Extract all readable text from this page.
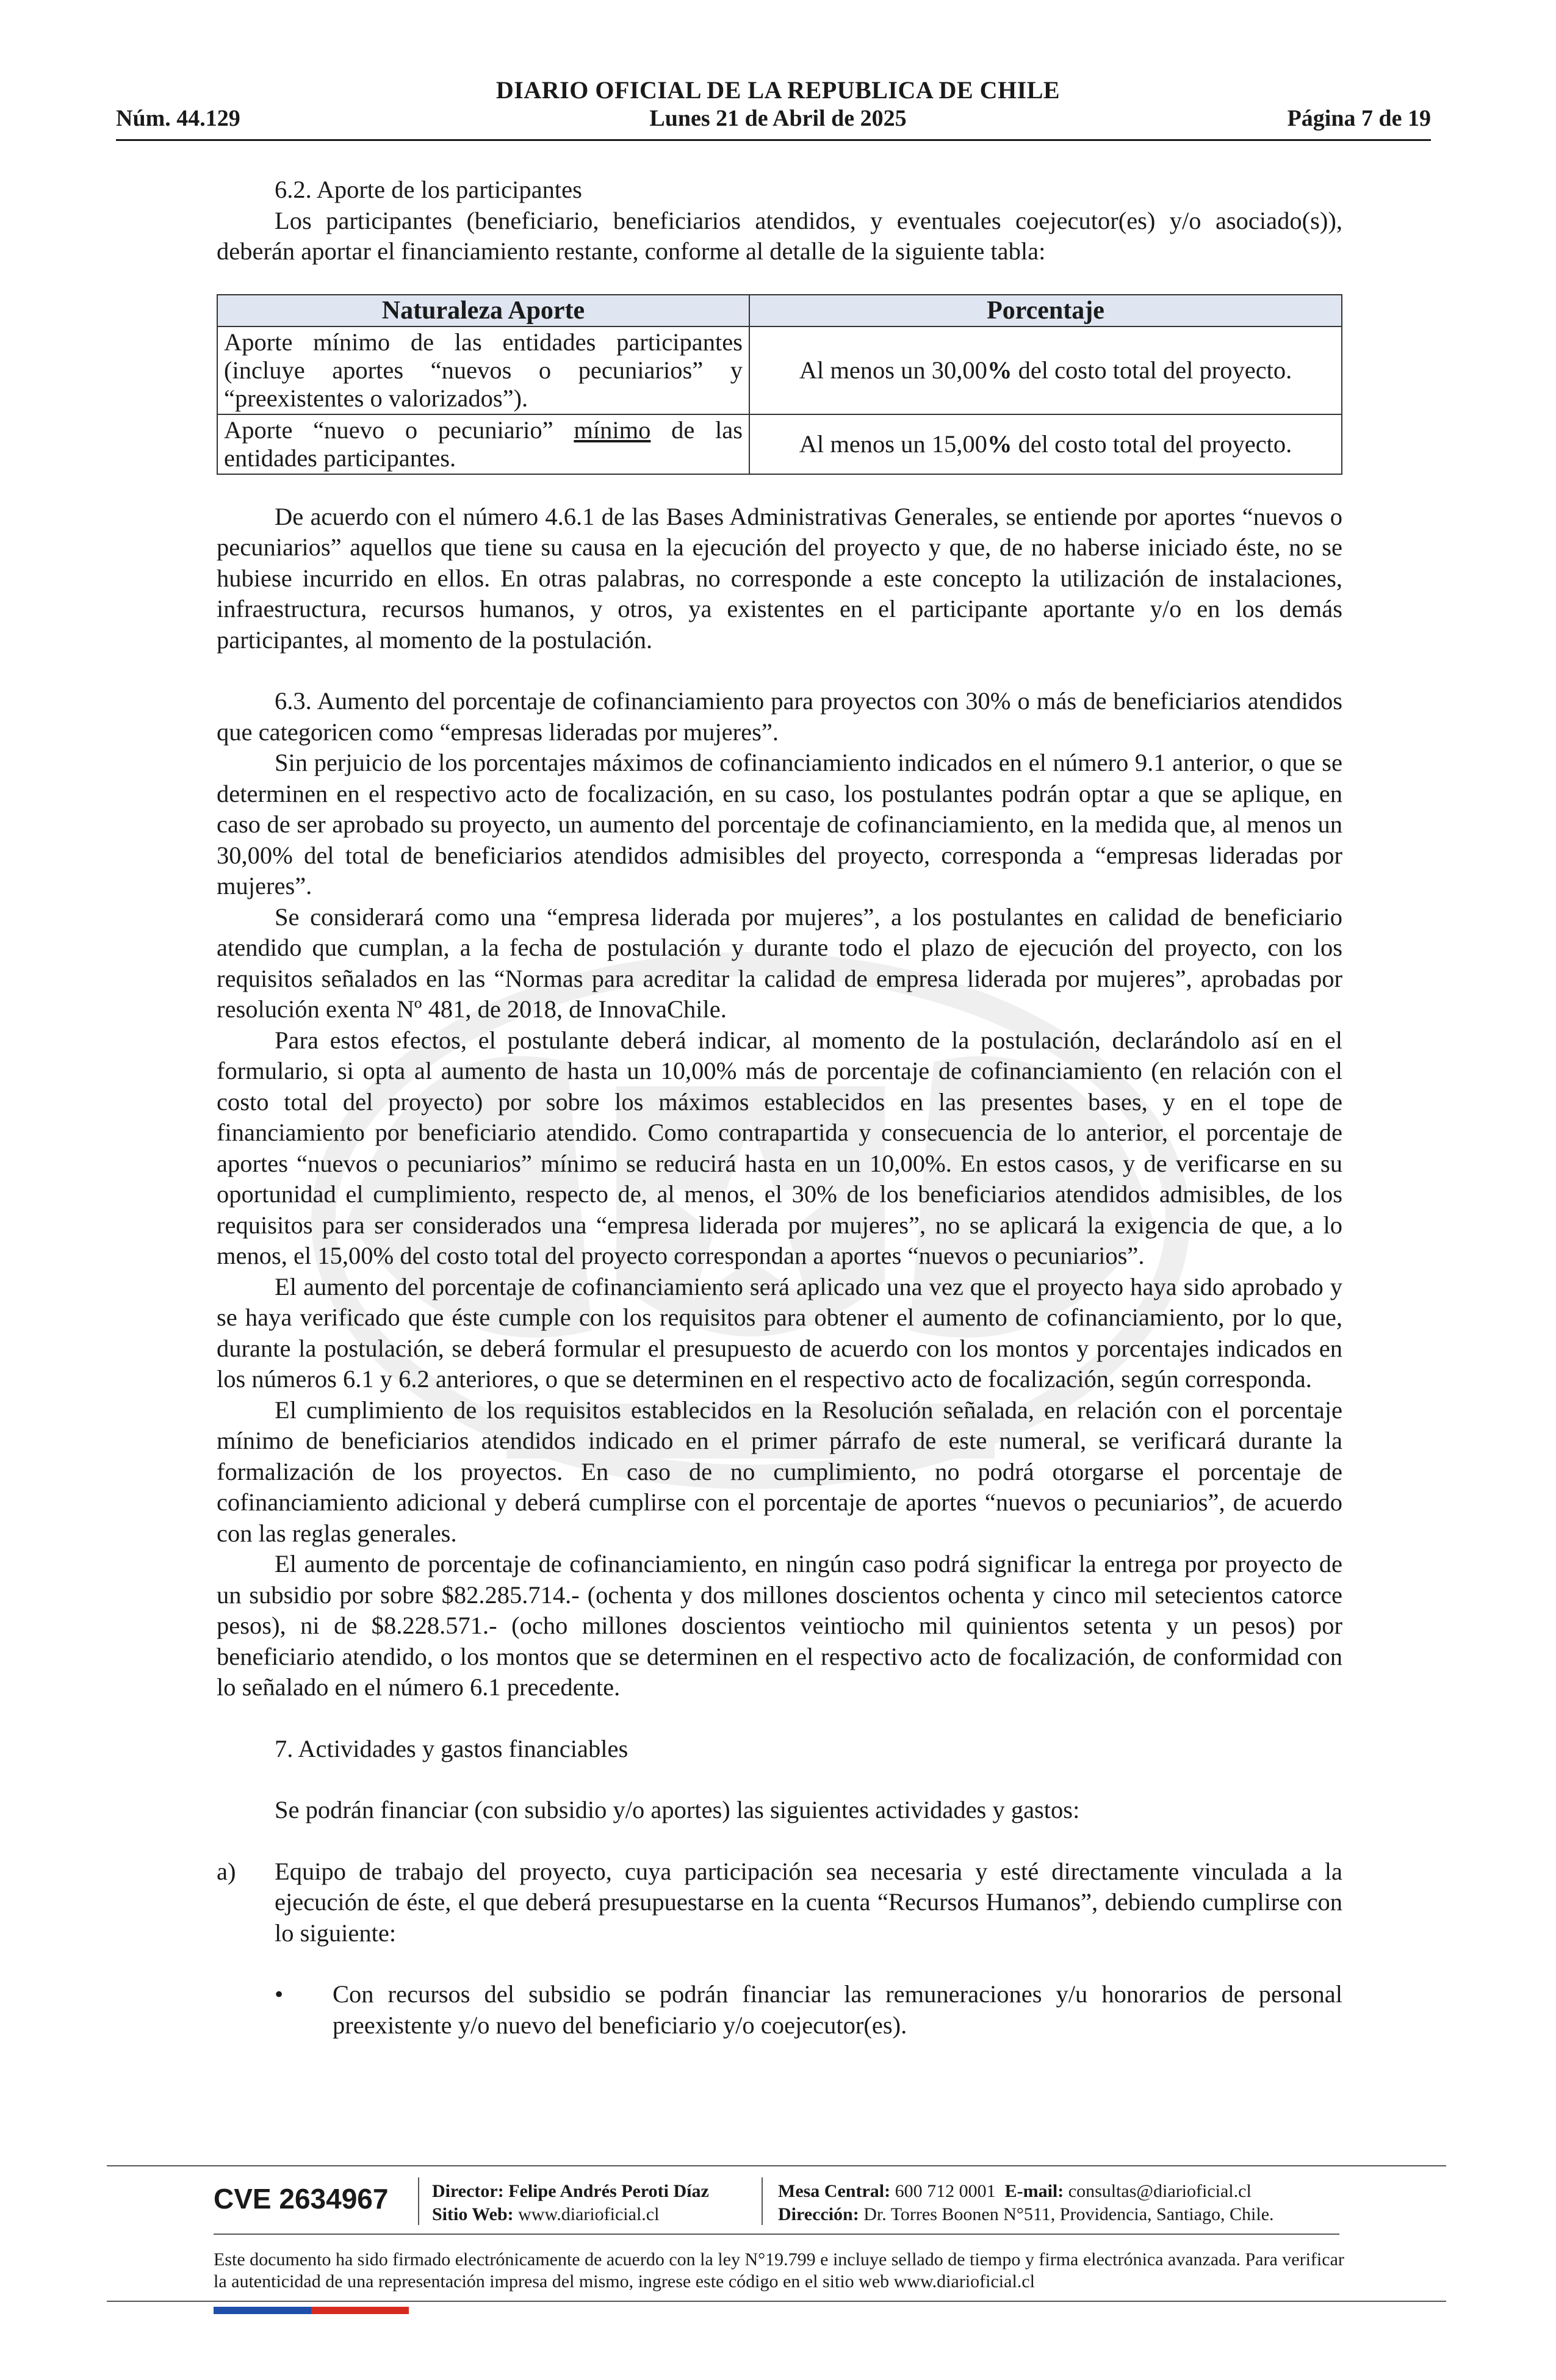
DIARIO OFICIAL DE LA REPUBLICA DE CHILE
Núm. 44.129	Lunes 21 de Abril de 2025	Página 7 de 19

6.2. Aporte de los participantes

Los participantes (beneficiario, beneficiarios atendidos, y eventuales coejecutor(es) y/o asociado(s)), deberán aportar el financiamiento restante, conforme al detalle de la siguiente tabla:

Naturaleza Aporte	Porcentaje
Aporte mínimo de las entidades participantes (incluye aportes “nuevos o pecuniarios” y “preexistentes o valorizados”).	Al menos un 30,00% del costo total del proyecto.
Aporte “nuevo o pecuniario” mínimo de las entidades participantes.	Al menos un 15,00% del costo total del proyecto.

De acuerdo con el número 4.6.1 de las Bases Administrativas Generales, se entiende por aportes “nuevos o pecuniarios” aquellos que tiene su causa en la ejecución del proyecto y que, de no haberse iniciado éste, no se hubiese incurrido en ellos. En otras palabras, no corresponde a este concepto la utilización de instalaciones, infraestructura, recursos humanos, y otros, ya existentes en el participante aportante y/o en los demás participantes, al momento de la postulación.

6.3. Aumento del porcentaje de cofinanciamiento para proyectos con 30% o más de beneficiarios atendidos que categoricen como “empresas lideradas por mujeres”.

Sin perjuicio de los porcentajes máximos de cofinanciamiento indicados en el número 9.1 anterior, o que se determinen en el respectivo acto de focalización, en su caso, los postulantes podrán optar a que se aplique, en caso de ser aprobado su proyecto, un aumento del porcentaje de cofinanciamiento, en la medida que, al menos un 30,00% del total de beneficiarios atendidos admisibles del proyecto, corresponda a “empresas lideradas por mujeres”.

Se considerará como una “empresa liderada por mujeres”, a los postulantes en calidad de beneficiario atendido que cumplan, a la fecha de postulación y durante todo el plazo de ejecución del proyecto, con los requisitos señalados en las “Normas para acreditar la calidad de empresa liderada por mujeres”, aprobadas por resolución exenta Nº 481, de 2018, de InnovaChile.

Para estos efectos, el postulante deberá indicar, al momento de la postulación, declarándolo así en el formulario, si opta al aumento de hasta un 10,00% más de porcentaje de cofinanciamiento (en relación con el costo total del proyecto) por sobre los máximos establecidos en las presentes bases, y en el tope de financiamiento por beneficiario atendido. Como contrapartida y consecuencia de lo anterior, el porcentaje de aportes “nuevos o pecuniarios” mínimo se reducirá hasta en un 10,00%. En estos casos, y de verificarse en su oportunidad el cumplimiento, respecto de, al menos, el 30% de los beneficiarios atendidos admisibles, de los requisitos para ser considerados una “empresa liderada por mujeres”, no se aplicará la exigencia de que, a lo menos, el 15,00% del costo total del proyecto correspondan a aportes “nuevos o pecuniarios”.

El aumento del porcentaje de cofinanciamiento será aplicado una vez que el proyecto haya sido aprobado y se haya verificado que éste cumple con los requisitos para obtener el aumento de cofinanciamiento, por lo que, durante la postulación, se deberá formular el presupuesto de acuerdo con los montos y porcentajes indicados en los números 6.1 y 6.2 anteriores, o que se determinen en el respectivo acto de focalización, según corresponda.

El cumplimiento de los requisitos establecidos en la Resolución señalada, en relación con el porcentaje mínimo de beneficiarios atendidos indicado en el primer párrafo de este numeral, se verificará durante la formalización de los proyectos. En caso de no cumplimiento, no podrá otorgarse el porcentaje de cofinanciamiento adicional y deberá cumplirse con el porcentaje de aportes “nuevos o pecuniarios”, de acuerdo con las reglas generales.

El aumento de porcentaje de cofinanciamiento, en ningún caso podrá significar la entrega por proyecto de un subsidio por sobre $82.285.714.- (ochenta y dos millones doscientos ochenta y cinco mil setecientos catorce pesos), ni de $8.228.571.- (ocho millones doscientos veintiocho mil quinientos setenta y un pesos) por beneficiario atendido, o los montos que se determinen en el respectivo acto de focalización, de conformidad con lo señalado en el número 6.1 precedente.

7. Actividades y gastos financiables

Se podrán financiar (con subsidio y/o aportes) las siguientes actividades y gastos:

a)	Equipo de trabajo del proyecto, cuya participación sea necesaria y esté directamente vinculada a la ejecución de éste, el que deberá presupuestarse en la cuenta “Recursos Humanos”, debiendo cumplirse con lo siguiente:
•	Con recursos del subsidio se podrán financiar las remuneraciones y/u honorarios de personal preexistente y/o nuevo del beneficiario y/o coejecutor(es).
CVE 2634967 Director: Felipe Andrés Peroti Díaz
Sitio Web: www.diarioficial.cl
Mesa Central: 600 712 0001 E-mail: consultas@diarioficial.cl
Dirección: Dr. Torres Boonen N°511, Providencia, Santiago, Chile.
Este documento ha sido firmado electrónicamente de acuerdo con la ley N°19.799 e incluye sellado de tiempo y firma electrónica avanzada. Para verificar la autenticidad de una representación impresa del mismo, ingrese este código en el sitio web www.diarioficial.cl
